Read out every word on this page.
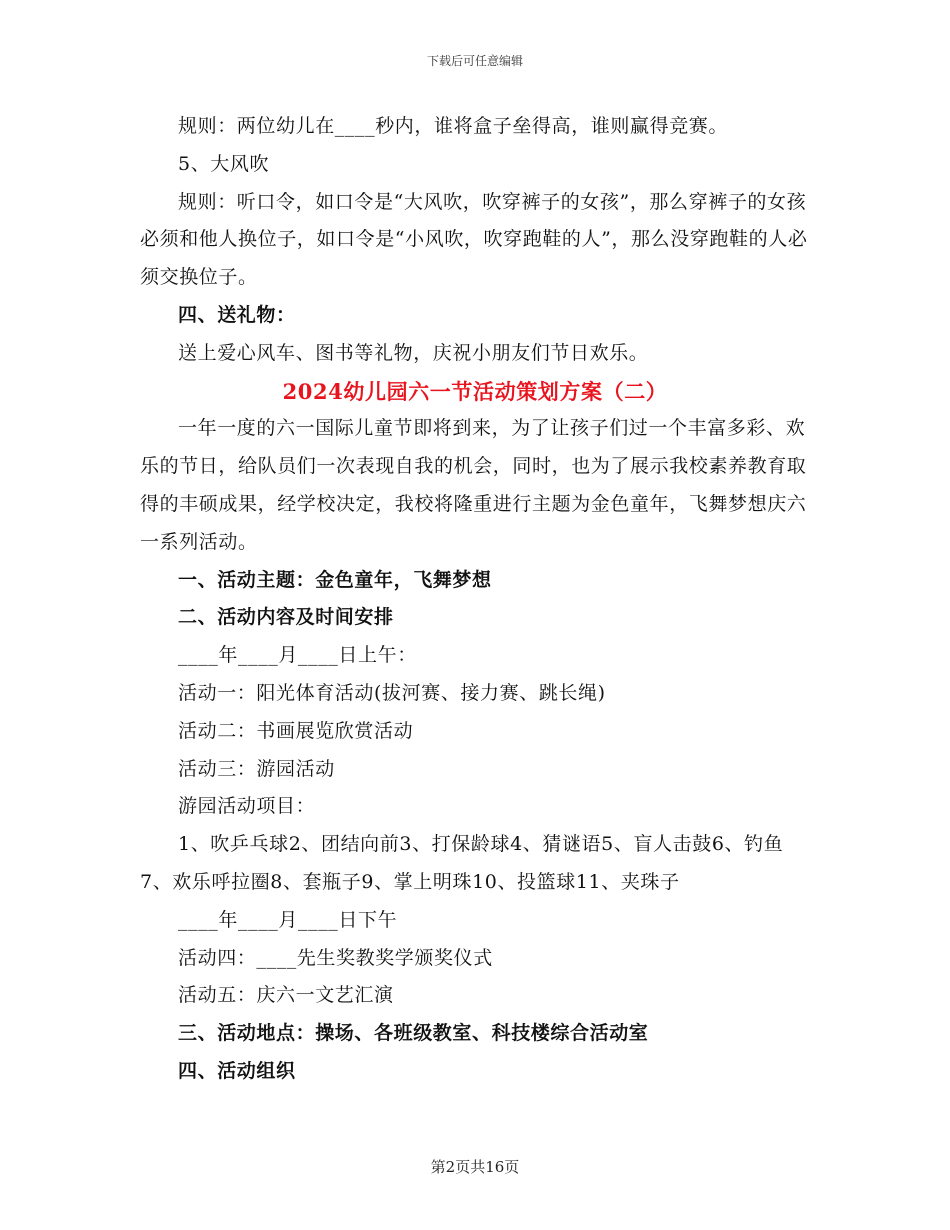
下载后可任意编辑

规则：两位幼儿在____秒内，谁将盒子垒得高，谁则赢得竞赛。

5、大风吹

规则：听口令，如口令是“大风吹，吹穿裤子的女孩”，那么穿裤子的女孩必须和他人换位子，如口令是“小风吹，吹穿跑鞋的人”，那么没穿跑鞋的人必须交换位子。

四、送礼物：

送上爱心风车、图书等礼物，庆祝小朋友们节日欢乐。

2024幼儿园六一节活动策划方案（二）

一年一度的六一国际儿童节即将到来，为了让孩子们过一个丰富多彩、欢乐的节日，给队员们一次表现自我的机会，同时，也为了展示我校素养教育取得的丰硕成果，经学校决定，我校将隆重进行主题为金色童年，飞舞梦想庆六一系列活动。

一、活动主题：金色童年，飞舞梦想

二、活动内容及时间安排

____年____月____日上午：

活动一：阳光体育活动(拔河赛、接力赛、跳长绳)

活动二：书画展览欣赏活动

活动三：游园活动

游园活动项目：

1、吹乒乓球2、团结向前3、打保龄球4、猜谜语5、盲人击鼓6、钓鱼7、欢乐呼拉圈8、套瓶子9、掌上明珠10、投篮球11、夹珠子

____年____月____日下午

活动四：____先生奖教奖学颁奖仪式

活动五：庆六一文艺汇演

三、活动地点：操场、各班级教室、科技楼综合活动室

四、活动组织

第2页共16页
